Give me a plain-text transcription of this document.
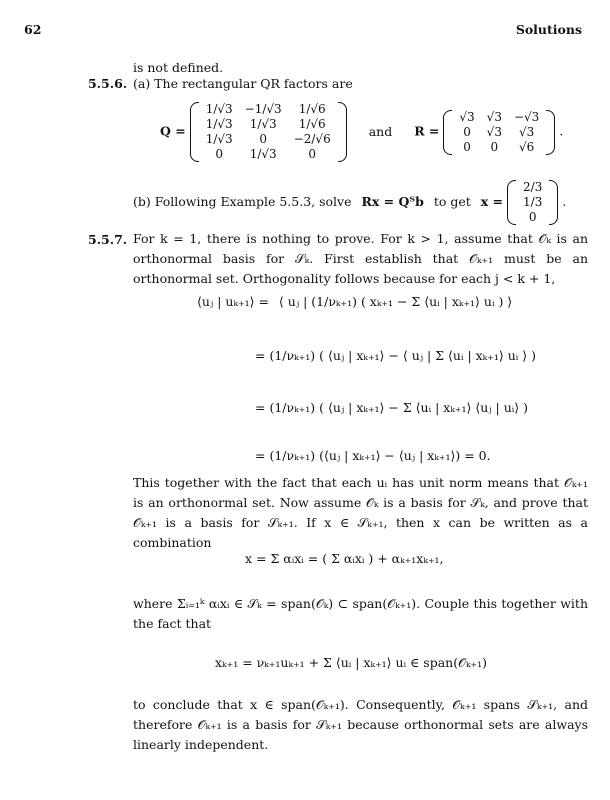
62	Solutions
is not defined.
5.5.6. (a) The rectangular QR factors are
Q =
1/√3	−1/√3	1/√6
1/√3	1/√3	1/√6
1/√3	0	−2/√6
0	1/√3	0
and R =
√3	√3	−√3
0	√3	√3
0	0	√6
.
(b) Following Example 5.5.3, solve Rx = Qᵀb to get x =
2/3
1/3
0
.
5.5.7. For k = 1, there is nothing to prove. For k > 1, assume that 𝒪ₖ is an orthonormal basis for 𝒮ₖ. First establish that 𝒪ₖ₊₁ must be an orthonormal set. Orthogonality follows because for each j < k + 1,
⟨uⱼ | uₖ₊₁⟩ = ⟨ uⱼ | (1/νₖ₊₁) ( xₖ₊₁ − Σ ⟨uᵢ | xₖ₊₁⟩ uᵢ ) ⟩
= (1/νₖ₊₁) ( ⟨uⱼ | xₖ₊₁⟩ − ⟨ uⱼ | Σ ⟨uᵢ | xₖ₊₁⟩ uᵢ ⟩ )
= (1/νₖ₊₁) ( ⟨uⱼ | xₖ₊₁⟩ − Σ ⟨uᵢ | xₖ₊₁⟩ ⟨uⱼ | uᵢ⟩ )
= (1/νₖ₊₁) (⟨uⱼ | xₖ₊₁⟩ − ⟨uⱼ | xₖ₊₁⟩) = 0.
This together with the fact that each uᵢ has unit norm means that 𝒪ₖ₊₁ is an orthonormal set. Now assume 𝒪ₖ is a basis for 𝒮ₖ, and prove that 𝒪ₖ₊₁ is a basis for 𝒮ₖ₊₁. If x ∈ 𝒮ₖ₊₁, then x can be written as a combination
x = Σ αᵢxᵢ = ( Σ αᵢxᵢ ) + αₖ₊₁xₖ₊₁,
where Σᵢ₌₁ᵏ αᵢxᵢ ∈ 𝒮ₖ = span(𝒪ₖ) ⊂ span(𝒪ₖ₊₁). Couple this together with the fact that
xₖ₊₁ = νₖ₊₁uₖ₊₁ + Σ ⟨uᵢ | xₖ₊₁⟩ uᵢ ∈ span(𝒪ₖ₊₁)
to conclude that x ∈ span(𝒪ₖ₊₁). Consequently, 𝒪ₖ₊₁ spans 𝒮ₖ₊₁, and therefore 𝒪ₖ₊₁ is a basis for 𝒮ₖ₊₁ because orthonormal sets are always linearly independent.
